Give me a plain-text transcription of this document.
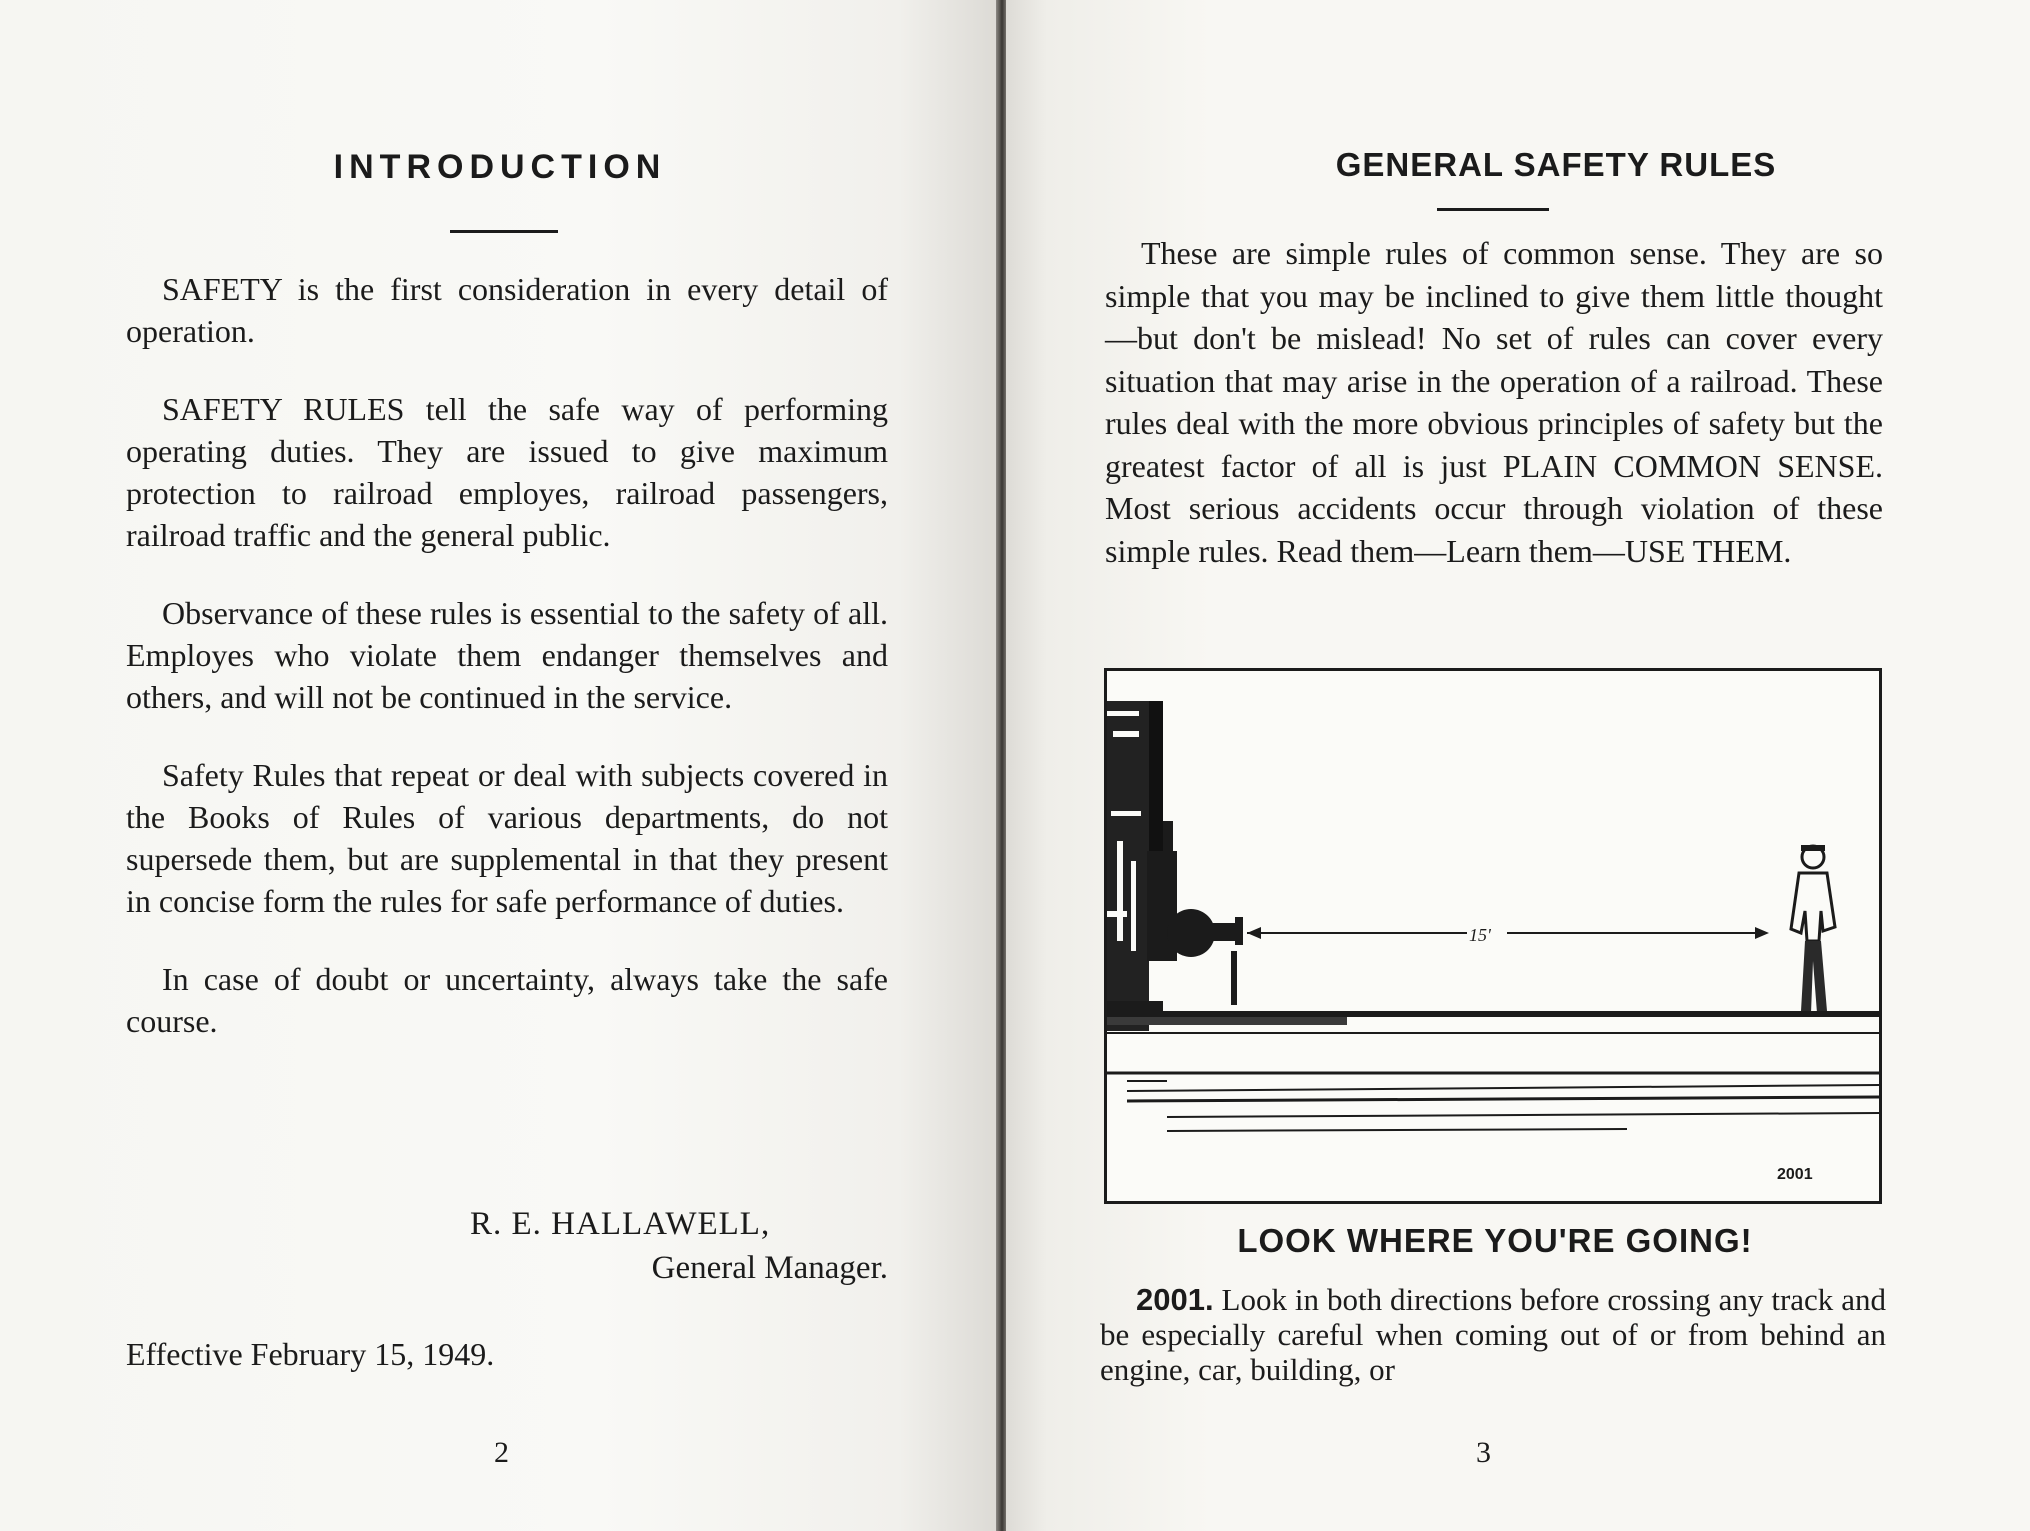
INTRODUCTION

SAFETY is the first consideration in every detail of operation.

SAFETY RULES tell the safe way of performing operating duties. They are issued to give maximum protection to railroad employes, railroad passengers, railroad traffic and the general public.

Observance of these rules is essential to the safety of all. Employes who violate them endanger themselves and others, and will not be continued in the service.

Safety Rules that repeat or deal with subjects covered in the Books of Rules of various departments, do not supersede them, but are supplemental in that they present in concise form the rules for safe performance of duties.

In case of doubt or uncertainty, always take the safe course.

R. E. HALLAWELL,
General Manager.
Effective February 15, 1949.
2
GENERAL SAFETY RULES

These are simple rules of common sense. They are so simple that you may be inclined to give them little thought—but don't be mislead! No set of rules can cover every situation that may arise in the operation of a railroad. These rules deal with the more obvious principles of safety but the greatest factor of all is just PLAIN COMMON SENSE. Most serious accidents occur through violation of these simple rules. Read them—Learn them—USE THEM.

15'
2001
LOOK WHERE YOU'RE GOING!
2001. Look in both directions before crossing any track and be especially careful when coming out of or from behind an engine, car, building, or
3
